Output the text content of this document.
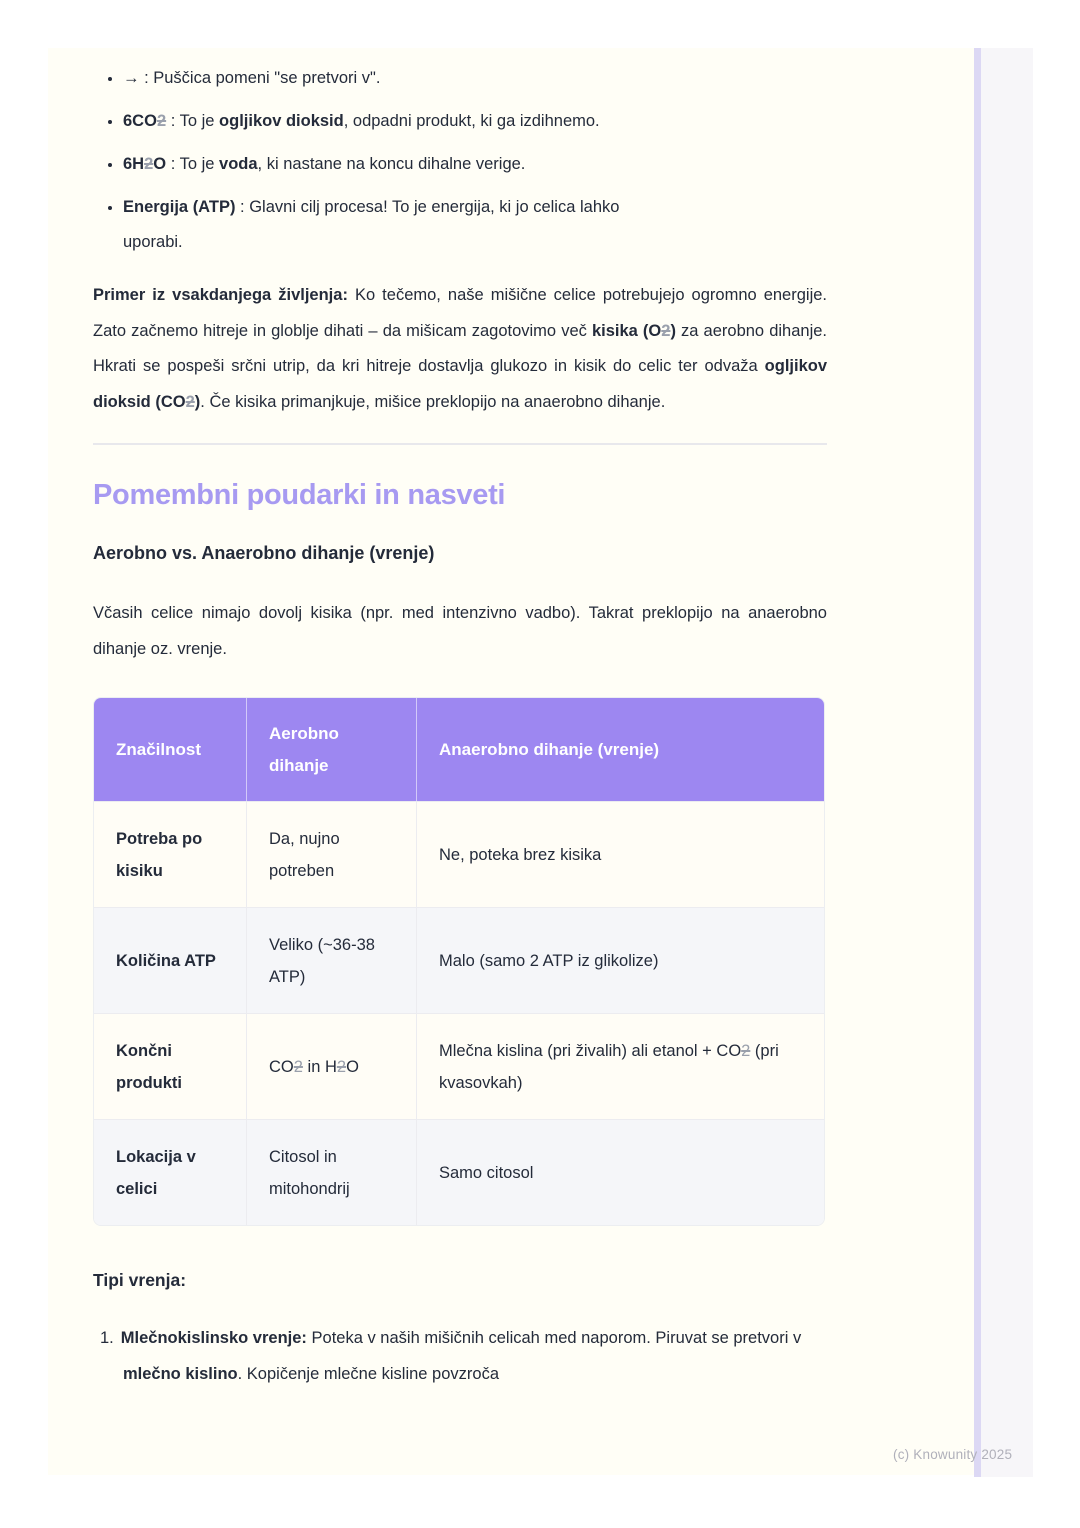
• → : Puščica pomeni "se pretvori v".
• 6CO2 : To je ogljikov dioksid, odpadni produkt, ki ga izdihnemo.
• 6H2O : To je voda, ki nastane na koncu dihalne verige.
• Energija (ATP) : Glavni cilj procesa! To je energija, ki jo celica lahko
uporabi.

Primer iz vsakdanjega življenja: Ko tečemo, naše mišične celice potrebujejo ogromno energije. Zato začnemo hitreje in globlje dihati – da mišicam zagotovimo več kisika (O2) za aerobno dihanje. Hkrati se pospeši srčni utrip, da kri hitreje dostavlja glukozo in kisik do celic ter odvaža ogljikov dioksid (CO2). Če kisika primanjkuje, mišice preklopijo na anaerobno dihanje.

Pomembni poudarki in nasveti
Aerobno vs. Anaerobno dihanje (vrenje)

Včasih celice nimajo dovolj kisika (npr. med intenzivno vadbo). Takrat preklopijo na anaerobno dihanje oz. vrenje.

Značilnost	Aerobno dihanje	Anaerobno dihanje (vrenje)
Potreba po kisiku	Da, nujno potreben	Ne, poteka brez kisika
Količina ATP	Veliko (~36-38 ATP)	Malo (samo 2 ATP iz glikolize)
Končni produkti	CO2 in H2O	Mlečna kislina (pri živalih) ali etanol + CO2 (pri kvasovkah)
Lokacija v celici	Citosol in mitohondrij	Samo citosol
Tipi vrenja:
1. Mlečnokislinsko vrenje: Poteka v naših mišičnih celicah med naporom. Piruvat se pretvori v mlečno kislino. Kopičenje mlečne kisline povzroča
(c) Knowunity 2025
